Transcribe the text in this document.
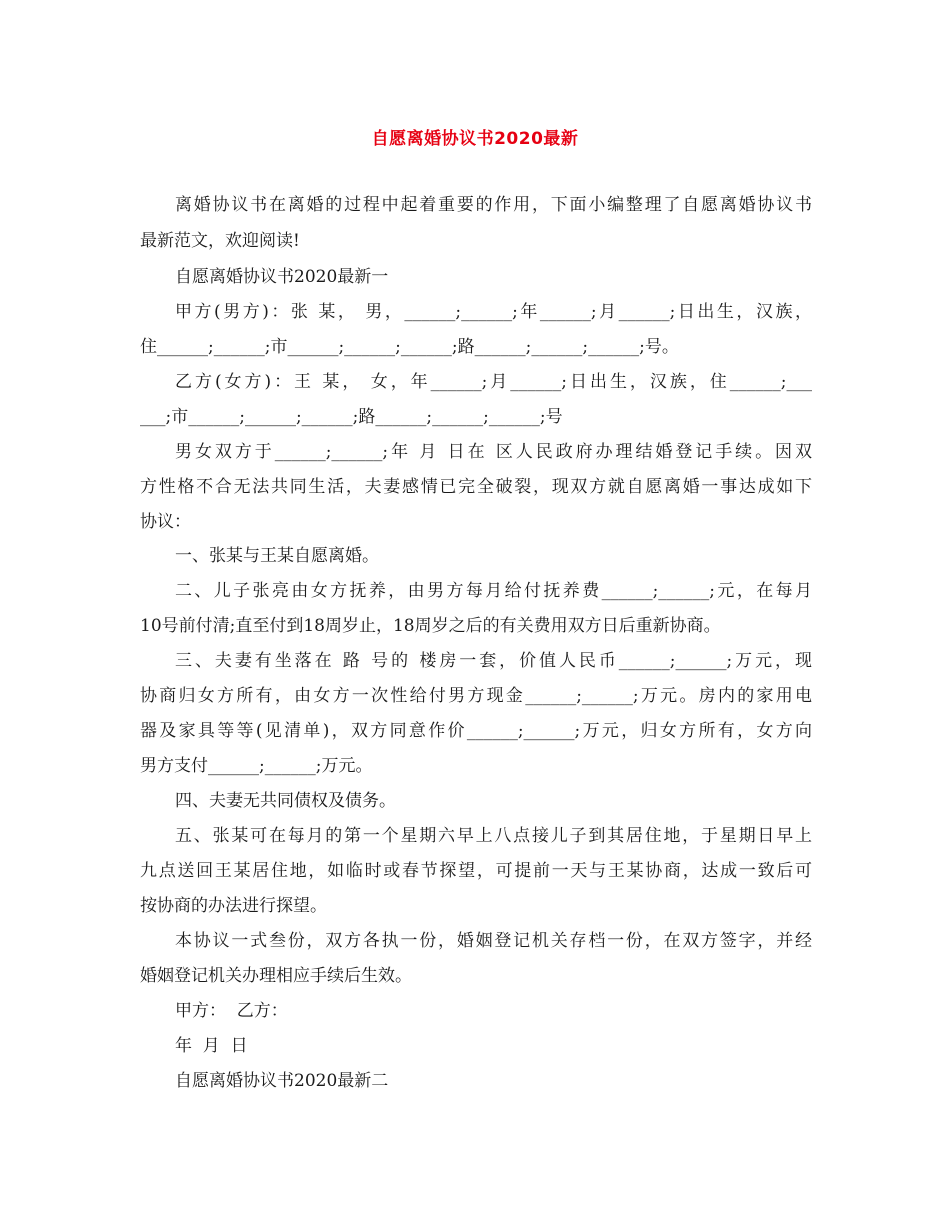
自愿离婚协议书2020最新
离婚协议书在离婚的过程中起着重要的作用，下面小编整理了自愿离婚协议书
最新范文，欢迎阅读!
自愿离婚协议书2020最新一
甲方(男方)：张 某， 男，______;______;年______;月______;日出生，汉族，
住______;______;市______;______;______;路______;______;______;号。
乙方(女方)：王 某， 女，年______;月______;日出生，汉族，住______;___
___;市______;______;______;路______;______;______;号
男女双方于______;______;年 月 日在 区人民政府办理结婚登记手续。因双
方性格不合无法共同生活，夫妻感情已完全破裂，现双方就自愿离婚一事达成如下
协议：
一、张某与王某自愿离婚。
二、儿子张亮由女方抚养，由男方每月给付抚养费______;______;元，在每月
10号前付清;直至付到18周岁止，18周岁之后的有关费用双方日后重新协商。
三、夫妻有坐落在 路 号的 楼房一套，价值人民币______;______;万元，现
协商归女方所有，由女方一次性给付男方现金______;______;万元。房内的家用电
器及家具等等(见清单)，双方同意作价______;______;万元，归女方所有，女方向
男方支付______;______;万元。
四、夫妻无共同债权及债务。
五、张某可在每月的第一个星期六早上八点接儿子到其居住地，于星期日早上
九点送回王某居住地，如临时或春节探望，可提前一天与王某协商，达成一致后可
按协商的办法进行探望。
本协议一式叁份，双方各执一份，婚姻登记机关存档一份，在双方签字，并经
婚姻登记机关办理相应手续后生效。
甲方：  乙方：
年  月  日
自愿离婚协议书2020最新二
